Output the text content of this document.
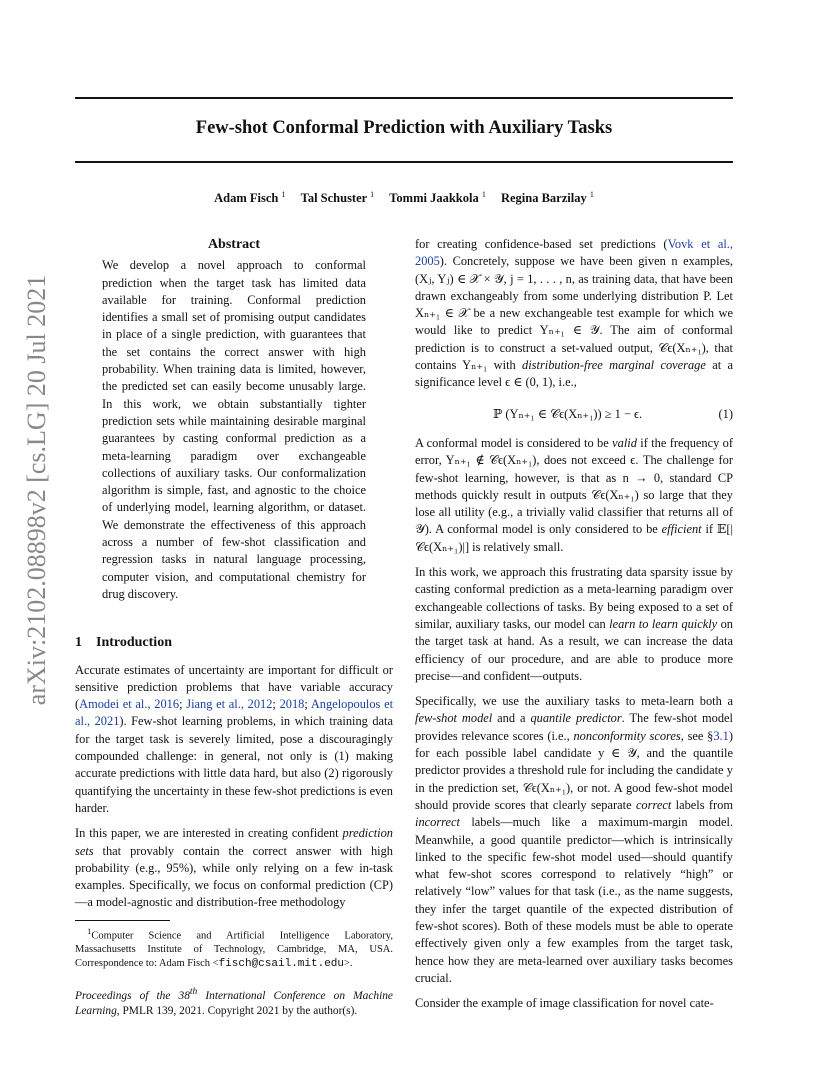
Few-shot Conformal Prediction with Auxiliary Tasks
Adam Fisch $^1$ Tal Schuster $^1$ Tommi Jaakkola $^1$ Regina Barzilay $^1$
arXiv:2102.08898v2 [cs.LG] 20 Jul 2021
Abstract
We develop a novel approach to conformal prediction when the target task has limited data available for training. Conformal prediction identifies a small set of promising output candidates in place of a single prediction, with guarantees that the set contains the correct answer with high probability. When training data is limited, however, the predicted set can easily become unusably large. In this work, we obtain substantially tighter prediction sets while maintaining desirable marginal guarantees by casting conformal prediction as a meta-learning paradigm over exchangeable collections of auxiliary tasks. Our conformalization algorithm is simple, fast, and agnostic to the choice of underlying model, learning algorithm, or dataset. We demonstrate the effectiveness of this approach across a number of few-shot classification and regression tasks in natural language processing, computer vision, and computational chemistry for drug discovery.
1 Introduction

Accurate estimates of uncertainty are important for difficult or sensitive prediction problems that have variable accuracy (Amodei et al., 2016; Jiang et al., 2012; 2018; Angelopoulos et al., 2021). Few-shot learning problems, in which training data for the target task is severely limited, pose a discouragingly compounded challenge: in general, not only is (1) making accurate predictions with little data hard, but also (2) rigorously quantifying the uncertainty in these few-shot predictions is even harder.

In this paper, we are interested in creating confident prediction sets that provably contain the correct answer with high probability (e.g., 95%), while only relying on a few in-task examples. Specifically, we focus on conformal prediction (CP)—a model-agnostic and distribution-free methodology

$^1$Computer Science and Artificial Intelligence Laboratory, Massachusetts Institute of Technology, Cambridge, MA, USA. Correspondence to: Adam Fisch <fisch@csail.mit.edu>.
Proceedings of the 38th International Conference on Machine Learning, PMLR 139, 2021. Copyright 2021 by the author(s).

for creating confidence-based set predictions (Vovk et al., 2005). Concretely, suppose we have been given n examples, (Xⱼ, Yⱼ) ∈ 𝒳 × 𝒴, j = 1, . . . , n, as training data, that have been drawn exchangeably from some underlying distribution P. Let Xₙ₊₁ ∈ 𝒳 be a new exchangeable test example for which we would like to predict Yₙ₊₁ ∈ 𝒴. The aim of conformal prediction is to construct a set-valued output, 𝒞ϵ(Xₙ₊₁), that contains Yₙ₊₁ with distribution-free marginal coverage at a significance level ϵ ∈ (0, 1), i.e.,

ℙ (Yₙ₊₁ ∈ 𝒞ϵ(Xₙ₊₁)) ≥ 1 − ϵ.	(1)

A conformal model is considered to be valid if the frequency of error, Yₙ₊₁ ∉ 𝒞ϵ(Xₙ₊₁), does not exceed ϵ. The challenge for few-shot learning, however, is that as n → 0, standard CP methods quickly result in outputs 𝒞ϵ(Xₙ₊₁) so large that they lose all utility (e.g., a trivially valid classifier that returns all of 𝒴). A conformal model is only considered to be efficient if 𝔼[|𝒞ϵ(Xₙ₊₁)|] is relatively small.

In this work, we approach this frustrating data sparsity issue by casting conformal prediction as a meta-learning paradigm over exchangeable collections of tasks. By being exposed to a set of similar, auxiliary tasks, our model can learn to learn quickly on the target task at hand. As a result, we can increase the data efficiency of our procedure, and are able to produce more precise—and confident—outputs.

Specifically, we use the auxiliary tasks to meta-learn both a few-shot model and a quantile predictor. The few-shot model provides relevance scores (i.e., nonconformity scores, see §3.1) for each possible label candidate y ∈ 𝒴, and the quantile predictor provides a threshold rule for including the candidate y in the prediction set, 𝒞ϵ(Xₙ₊₁), or not. A good few-shot model should provide scores that clearly separate correct labels from incorrect labels—much like a maximum-margin model. Meanwhile, a good quantile predictor—which is intrinsically linked to the specific few-shot model used—should quantify what few-shot scores correspond to relatively “high” or relatively “low” values for that task (i.e., as the name suggests, they infer the target quantile of the expected distribution of few-shot scores). Both of these models must be able to operate effectively given only a few examples from the target task, hence how they are meta-learned over auxiliary tasks becomes crucial.

Consider the example of image classification for novel cate-
